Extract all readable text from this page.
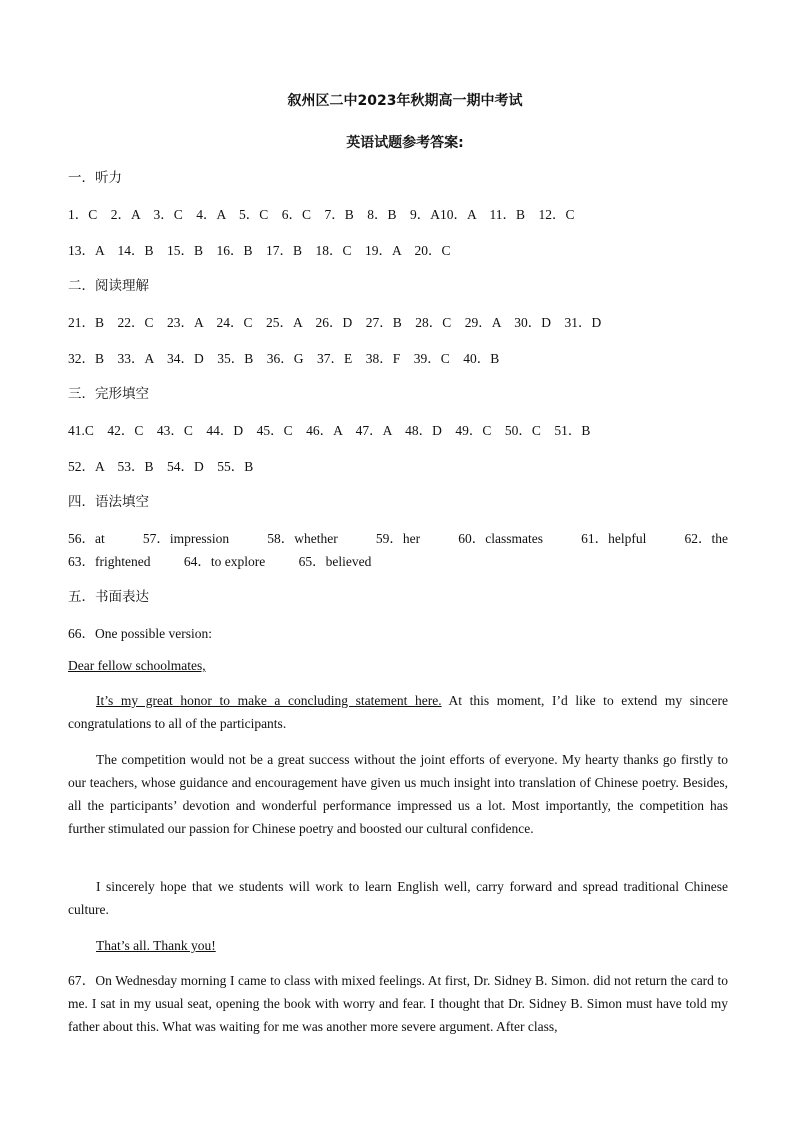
叙州区二中2023年秋期高一期中考试
英语试题参考答案:
一．听力
1．C　2．A　3．C　4．A　5．C　6．C　7．B　8．B　9．A10．A　11．B　12．C
13．A　14．B　15．B　16．B　17．B　18．C　19．A　20．C
二．阅读理解
21．B　22．C　23．A　24．C　25．A　26．D　27．B　28．C　29．A　30．D　31．D
32．B　33．A　34．D　35．B　36．G　37．E　38．F　39．C　40．B
三．完形填空
41.C　42．C　43．C　44．D　45．C　46．A　47．A　48．D　49．C　50．C　51．B
52．A　53．B　54．D　55．B
四．语法填空
56．at	57．impression	58．whether	59．her	60．classmates	61．helpful	62．the
63．frightened 64．to explore 65．believed
五．书面表达
66．One possible version:
Dear fellow schoolmates,
It’s my great honor to make a concluding statement here. At this moment, I’d like to extend my sincere congratulations to all of the participants.
The competition would not be a great success without the joint efforts of everyone. My hearty thanks go firstly to our teachers, whose guidance and encouragement have given us much insight into translation of Chinese poetry. Besides, all the participants’ devotion and wonderful performance impressed us a lot. Most importantly, the competition has further stimulated our passion for Chinese poetry and boosted our cultural confidence.
I sincerely hope that we students will work to learn English well, carry forward and spread traditional Chinese culture.
That’s all. Thank you!
67．On Wednesday morning I came to class with mixed feelings. At first, Dr. Sidney B. Simon. did not return the card to me. I sat in my usual seat, opening the book with worry and fear. I thought that Dr. Sidney B. Simon must have told my father about this. What was waiting for me was another more severe argument. After class,
